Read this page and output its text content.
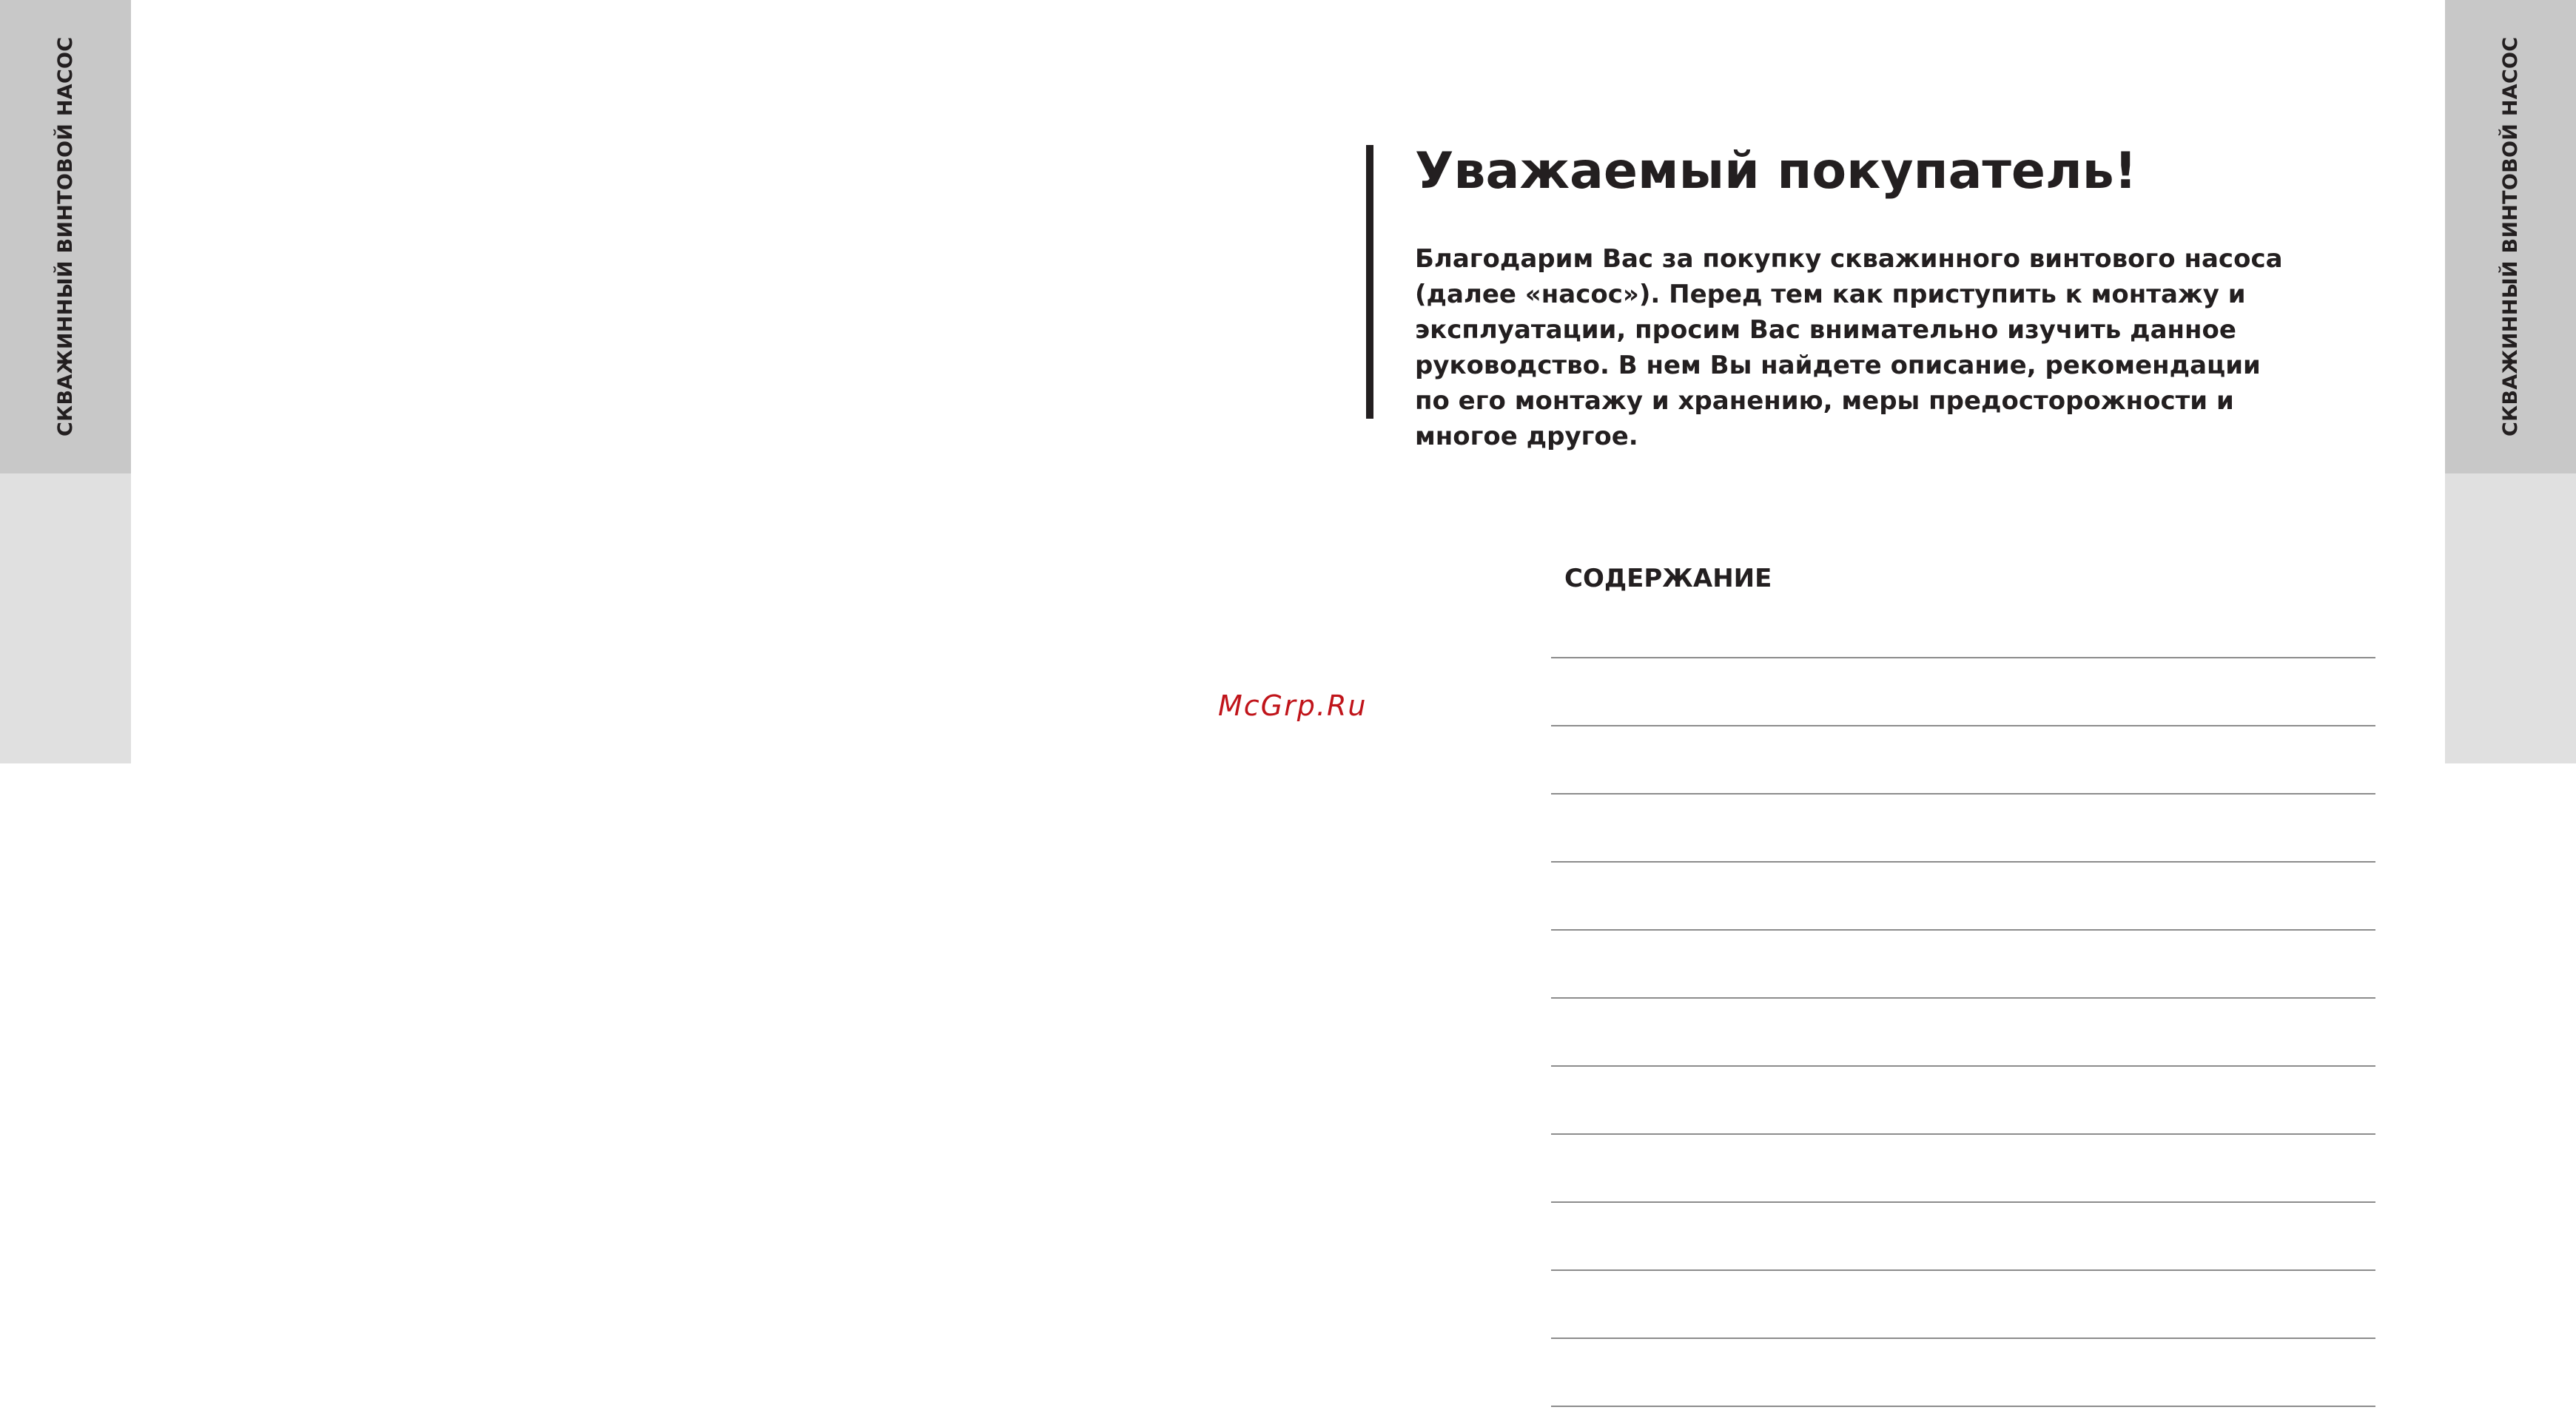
СКВАЖИННЫЙ ВИНТОВОЙ НАСОС	СКВАЖИННЫЙ ВИНТОВОЙ НАСОС
Уважаемый покупатель!

Благодарим Вас за покупку скважинного винтового насоса (далее «насос»). Перед тем как приступить к монтажу и эксплуатации, просим Вас внимательно изучить данное руководство. В нем Вы найдете описание, рекомендации по его монтажу и хранению, меры предосторожности и многое другое.

McGrp.Ru
СОДЕРЖАНИЕ
